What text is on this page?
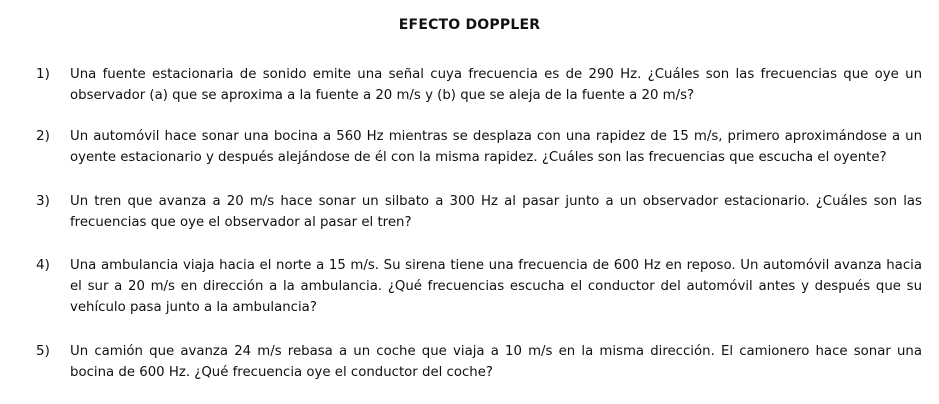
EFECTO DOPPLER
1)	Una fuente estacionaria de sonido emite una señal cuya frecuencia es de 290 Hz. ¿Cuáles son las frecuencias que oye un observador (a) que se aproxima a la fuente a 20 m/s y (b) que se aleja de la fuente a 20 m/s?
2)	Un automóvil hace sonar una bocina a 560 Hz mientras se desplaza con una rapidez de 15 m/s, primero aproximándose a un oyente estacionario y después alejándose de él con la misma rapidez. ¿Cuáles son las frecuencias que escucha el oyente?
3)	Un tren que avanza a 20 m/s hace sonar un silbato a 300 Hz al pasar junto a un observador estacionario. ¿Cuáles son las frecuencias que oye el observador al pasar el tren?
4)	Una ambulancia viaja hacia el norte a 15 m/s. Su sirena tiene una frecuencia de 600 Hz en reposo. Un automóvil avanza hacia el sur a 20 m/s en dirección a la ambulancia. ¿Qué frecuencias escucha el conductor del automóvil antes y después que su vehículo pasa junto a la ambulancia?
5)	Un camión que avanza 24 m/s rebasa a un coche que viaja a 10 m/s en la misma dirección. El camionero hace sonar una bocina de 600 Hz. ¿Qué frecuencia oye el conductor del coche?
